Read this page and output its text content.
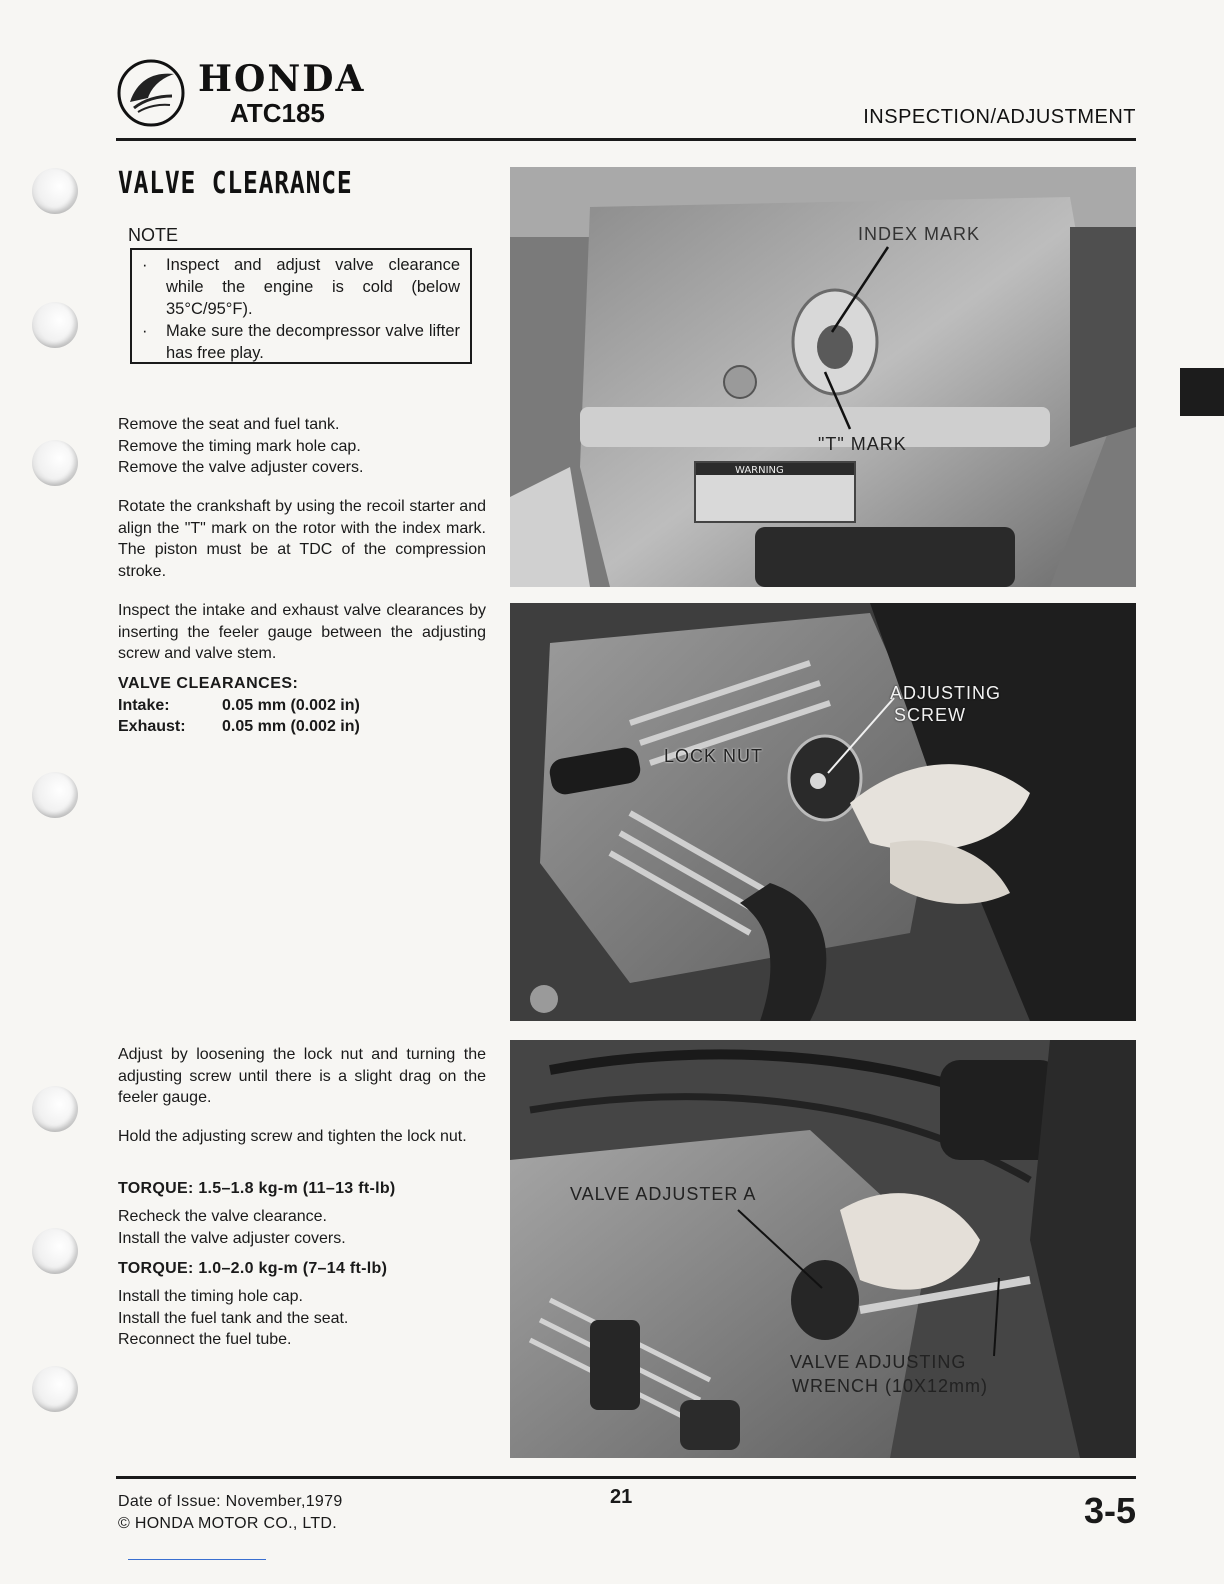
HONDA
ATC185	INSPECTION/ADJUSTMENT
VALVE CLEARANCE
NOTE
·	Inspect and adjust valve clearance while the engine is cold (below 35°C/95°F).
·	Make sure the decompressor valve lifter has free play.
Remove the seat and fuel tank.
Remove the timing mark hole cap.
Remove the valve adjuster covers.
Rotate the crankshaft by using the recoil starter and align the "T" mark on the rotor with the index mark. The piston must be at TDC of the compression stroke.
Inspect the intake and exhaust valve clearances by inserting the feeler gauge between the adjusting screw and valve stem.
VALVE CLEARANCES:
Intake:	0.05 mm (0.002 in)
Exhaust:	0.05 mm (0.002 in)
Adjust by loosening the lock nut and turning the adjusting screw until there is a slight drag on the feeler gauge.
Hold the adjusting screw and tighten the lock nut.
TORQUE: 1.5–1.8 kg-m (11–13 ft-lb)
Recheck the valve clearance.
Install the valve adjuster covers.
TORQUE: 1.0–2.0 kg-m (7–14 ft-lb)
Install the timing hole cap.
Install the fuel tank and the seat.
Reconnect the fuel tube.
WARNING
INDEX MARK
"T" MARK
ADJUSTING
SCREW
LOCK NUT
VALVE ADJUSTER A
VALVE ADJUSTING
WRENCH (10X12mm)
Date of Issue: November,1979
© HONDA MOTOR CO., LTD.
21	3-5
